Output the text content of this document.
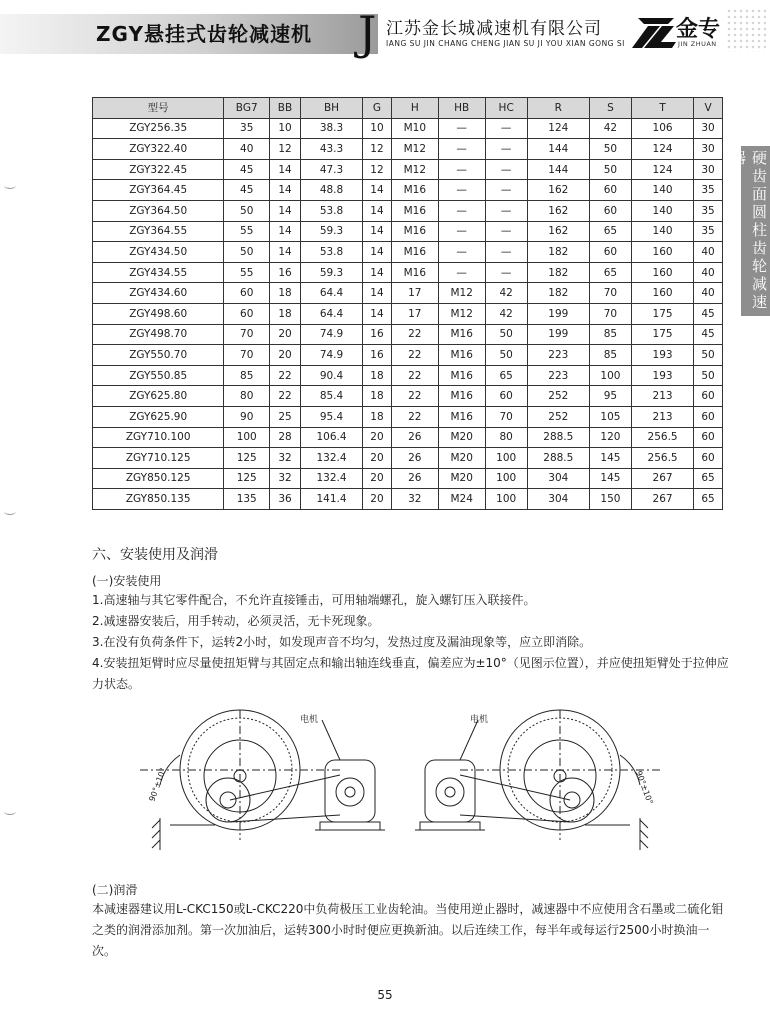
ZGY悬挂式齿轮减速机 J 江苏金长城减速机有限公司
IANG SU JIN CHANG CHENG JIAN SU JI YOU XIAN GONG SI
金专
JIN ZHUAN
硬齿面圆柱齿轮减速器
型号	BG7	BB	BH	G	H	HB	HC	R	S	T	V
ZGY256.35	35	10	38.3	10	M10	—	—	124	42	106	30
ZGY322.40	40	12	43.3	12	M12	—	—	144	50	124	30
ZGY322.45	45	14	47.3	12	M12	—	—	144	50	124	30
ZGY364.45	45	14	48.8	14	M16	—	—	162	60	140	35
ZGY364.50	50	14	53.8	14	M16	—	—	162	60	140	35
ZGY364.55	55	14	59.3	14	M16	—	—	162	65	140	35
ZGY434.50	50	14	53.8	14	M16	—	—	182	60	160	40
ZGY434.55	55	16	59.3	14	M16	—	—	182	65	160	40
ZGY434.60	60	18	64.4	14	17	M12	42	182	70	160	40
ZGY498.60	60	18	64.4	14	17	M12	42	199	70	175	45
ZGY498.70	70	20	74.9	16	22	M16	50	199	85	175	45
ZGY550.70	70	20	74.9	16	22	M16	50	223	85	193	50
ZGY550.85	85	22	90.4	18	22	M16	65	223	100	193	50
ZGY625.80	80	22	85.4	18	22	M16	60	252	95	213	60
ZGY625.90	90	25	95.4	18	22	M16	70	252	105	213	60
ZGY710.100	100	28	106.4	20	26	M20	80	288.5	120	256.5	60
ZGY710.125	125	32	132.4	20	26	M20	100	288.5	145	256.5	60
ZGY850.125	125	32	132.4	20	26	M20	100	304	145	267	65
ZGY850.135	135	36	141.4	20	32	M24	100	304	150	267	65
六、安装使用及润滑
(一)安装使用
1.高速轴与其它零件配合，不允许直接锤击，可用轴端螺孔，旋入螺钉压入联接件。
2.减速器安装后，用手转动，必须灵活，无卡死现象。
3.在没有负荷条件下，运转2小时，如发现声音不均匀，发热过度及漏油现象等，应立即消除。
4.安装扭矩臂时应尽量使扭矩臂与其固定点和输出轴连线垂直，偏差应为±10°（见图示位置），并应使扭矩臂处于拉伸应力状态。
电机
90°±10°
电机
90°±10°
(二)润滑
本减速器建议用L-CKC150或L-CKC220中负荷极压工业齿轮油。当使用逆止器时，减速器中不应使用含石墨或二硫化钼之类的润滑添加剂。第一次加油后，运转300小时时便应更换新油。以后连续工作，每半年或每运行2500小时换油一次。
55
